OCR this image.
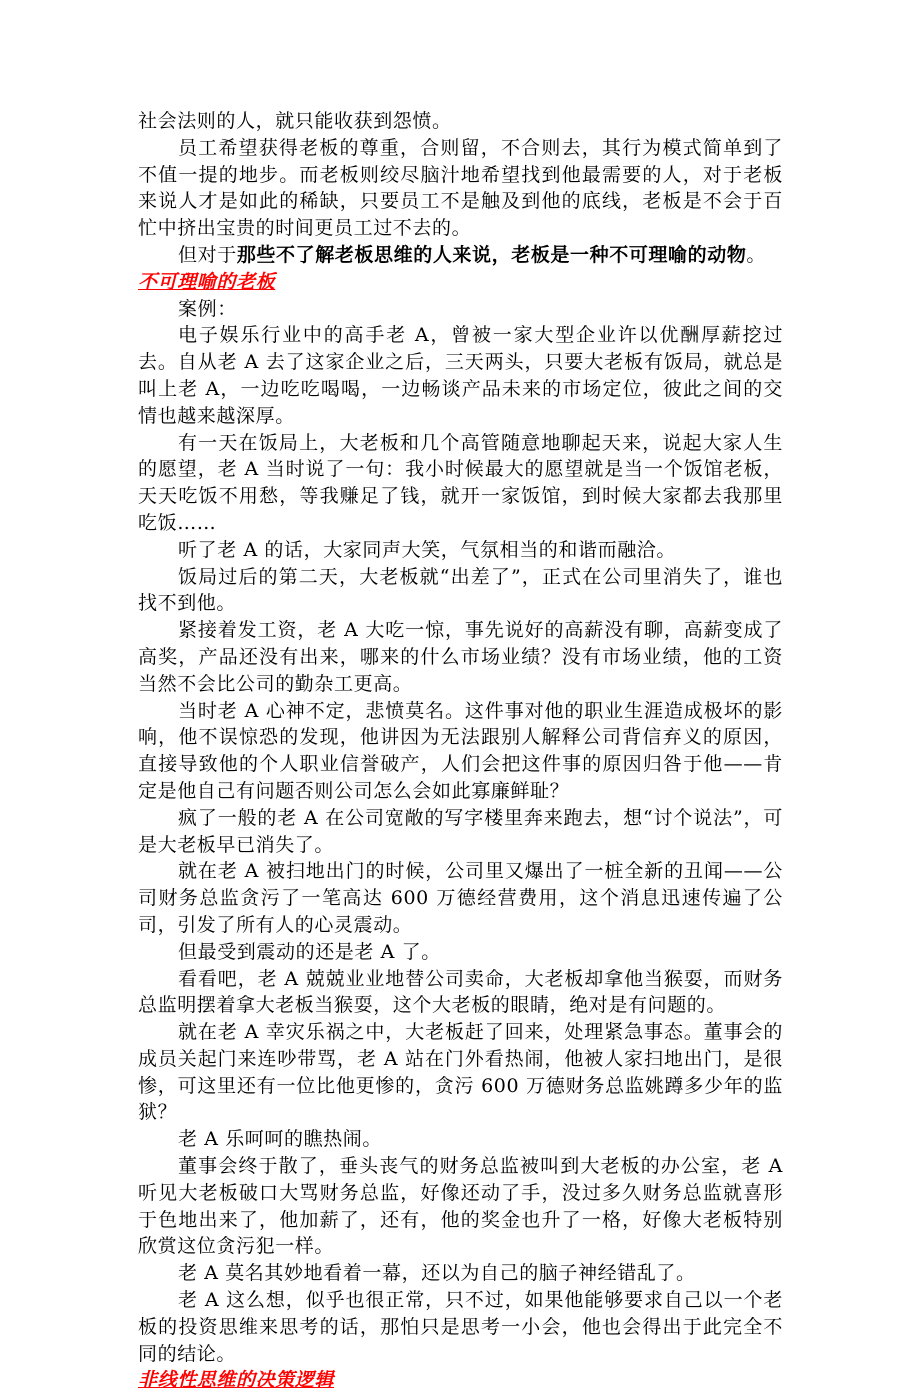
社会法则的人，就只能收获到怨愤。

员工希望获得老板的尊重，合则留，不合则去，其行为模式简单到了不值一提的地步。而老板则绞尽脑汁地希望找到他最需要的人，对于老板来说人才是如此的稀缺，只要员工不是触及到他的底线，老板是不会于百忙中挤出宝贵的时间更员工过不去的。

但对于那些不了解老板思维的人来说，老板是一种不可理喻的动物。

不可理喻的老板

案例：

电子娱乐行业中的高手老 A，曾被一家大型企业许以优酬厚薪挖过去。自从老 A 去了这家企业之后，三天两头，只要大老板有饭局，就总是叫上老 A，一边吃吃喝喝，一边畅谈产品未来的市场定位，彼此之间的交情也越来越深厚。

有一天在饭局上，大老板和几个高管随意地聊起天来，说起大家人生的愿望，老 A 当时说了一句：我小时候最大的愿望就是当一个饭馆老板，天天吃饭不用愁，等我赚足了钱，就开一家饭馆，到时候大家都去我那里吃饭……

听了老 A 的话，大家同声大笑，气氛相当的和谐而融洽。

饭局过后的第二天，大老板就“出差了”，正式在公司里消失了，谁也找不到他。

紧接着发工资，老 A 大吃一惊，事先说好的高薪没有聊，高薪变成了高奖，产品还没有出来，哪来的什么市场业绩？没有市场业绩，他的工资当然不会比公司的勤杂工更高。

当时老 A 心神不定，悲愤莫名。这件事对他的职业生涯造成极坏的影响，他不误惊恐的发现，他讲因为无法跟别人解释公司背信弃义的原因，直接导致他的个人职业信誉破产，人们会把这件事的原因归咎于他——肯定是他自己有问题否则公司怎么会如此寡廉鲜耻？

疯了一般的老 A 在公司宽敞的写字楼里奔来跑去，想“讨个说法”，可是大老板早已消失了。

就在老 A 被扫地出门的时候，公司里又爆出了一桩全新的丑闻——公司财务总监贪污了一笔高达 600 万德经营费用，这个消息迅速传遍了公司，引发了所有人的心灵震动。

但最受到震动的还是老 A 了。

看看吧，老 A 兢兢业业地替公司卖命，大老板却拿他当猴耍，而财务总监明摆着拿大老板当猴耍，这个大老板的眼睛，绝对是有问题的。

就在老 A 幸灾乐祸之中，大老板赶了回来，处理紧急事态。董事会的成员关起门来连吵带骂，老 A 站在门外看热闹，他被人家扫地出门，是很惨，可这里还有一位比他更惨的，贪污 600 万德财务总监姚蹲多少年的监狱？

老 A 乐呵呵的瞧热闹。

董事会终于散了，垂头丧气的财务总监被叫到大老板的办公室，老 A 听见大老板破口大骂财务总监，好像还动了手，没过多久财务总监就喜形于色地出来了，他加薪了，还有，他的奖金也升了一格，好像大老板特别欣赏这位贪污犯一样。

老 A 莫名其妙地看着一幕，还以为自己的脑子神经错乱了。

老 A 这么想，似乎也很正常，只不过，如果他能够要求自己以一个老板的投资思维来思考的话，那怕只是思考一小会，他也会得出于此完全不同的结论。

非线性思维的决策逻辑
